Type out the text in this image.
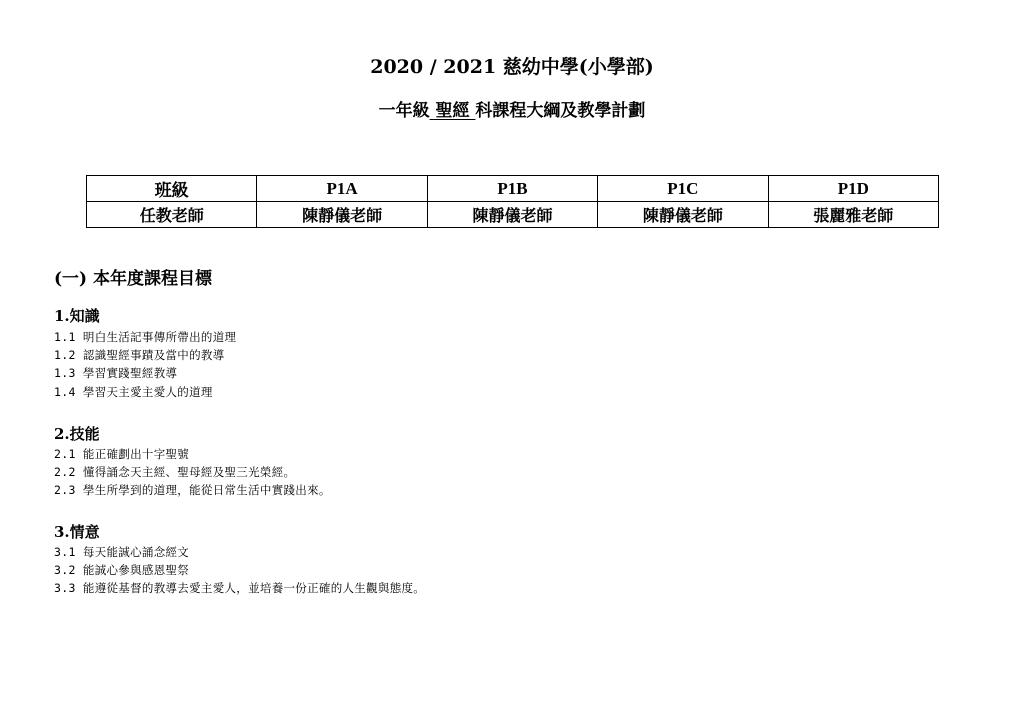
2020 / 2021 慈幼中學(小學部)
一年級 聖經 科課程大綱及教學計劃
班級	P1A	P1B	P1C	P1D
任教老師	陳靜儀老師	陳靜儀老師	陳靜儀老師	張麗雅老師
(一) 本年度課程目標
1.知識
1.1 明白生活記事傳所帶出的道理
1.2 認識聖經事蹟及當中的教導
1.3 學習實踐聖經教導
1.4 學習天主愛主愛人的道理
2.技能
2.1 能正確劃出十字聖號
2.2 懂得誦念天主經、聖母經及聖三光榮經。
2.3 學生所學到的道理，能從日常生活中實踐出來。
3.情意
3.1 每天能誠心誦念經文
3.2 能誠心參與感恩聖祭
3.3 能遵從基督的教導去愛主愛人，並培養一份正確的人生觀與態度。
